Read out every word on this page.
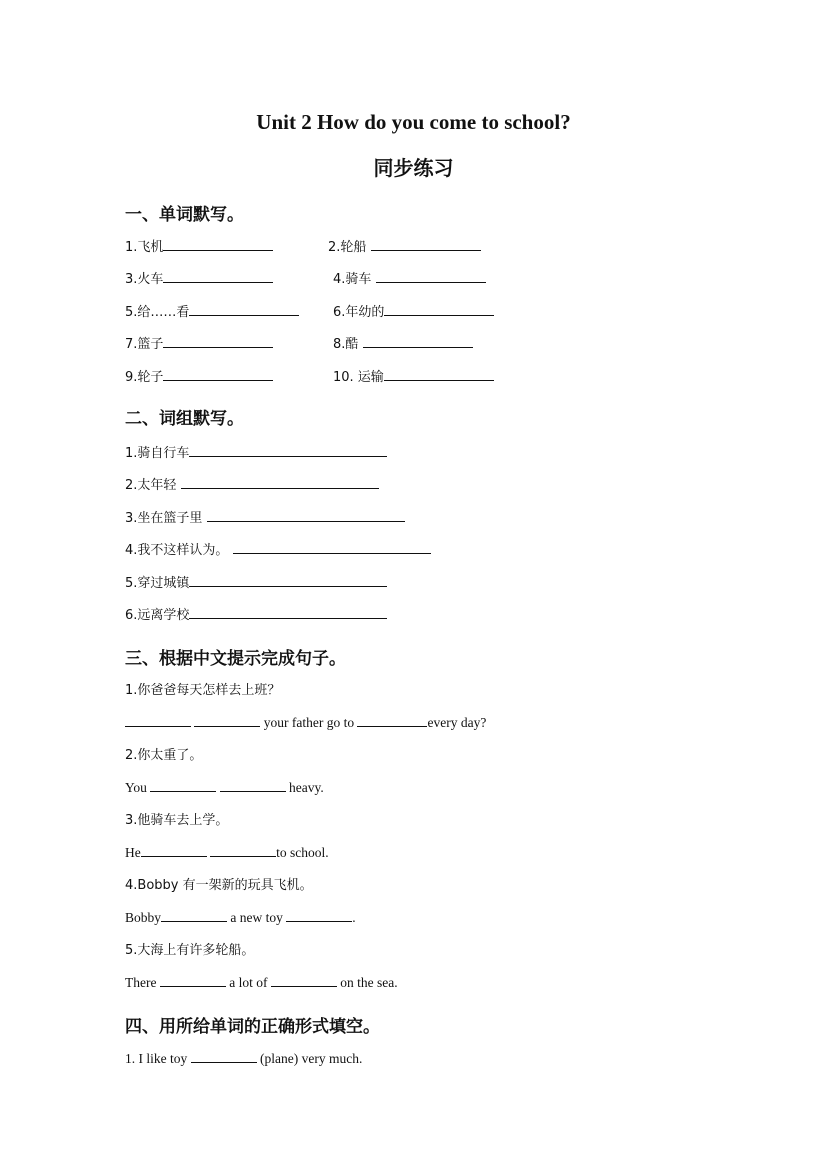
Unit 2 How do you come to school?
同步练习
一、单词默写。
1.飞机	2.轮船
3.火车	4.骑车
5.给……看	6.年幼的
7.篮子	8.酷
9.轮子	10. 运输
二、词组默写。
1.骑自行车
2.太年轻
3.坐在篮子里
4.我不这样认为。
5.穿过城镇
6.远离学校
三、根据中文提示完成句子。
1.你爸爸每天怎样去上班？
your father go to	every day?
2.你太重了。
You	heavy.
3.他骑车去上学。
He	to school.
4.Bobby 有一架新的玩具飞机。
Bobby	a new toy	.
5.大海上有许多轮船。
There	a lot of	on the sea.
四、用所给单词的正确形式填空。
1. I like toy	(plane) very much.
